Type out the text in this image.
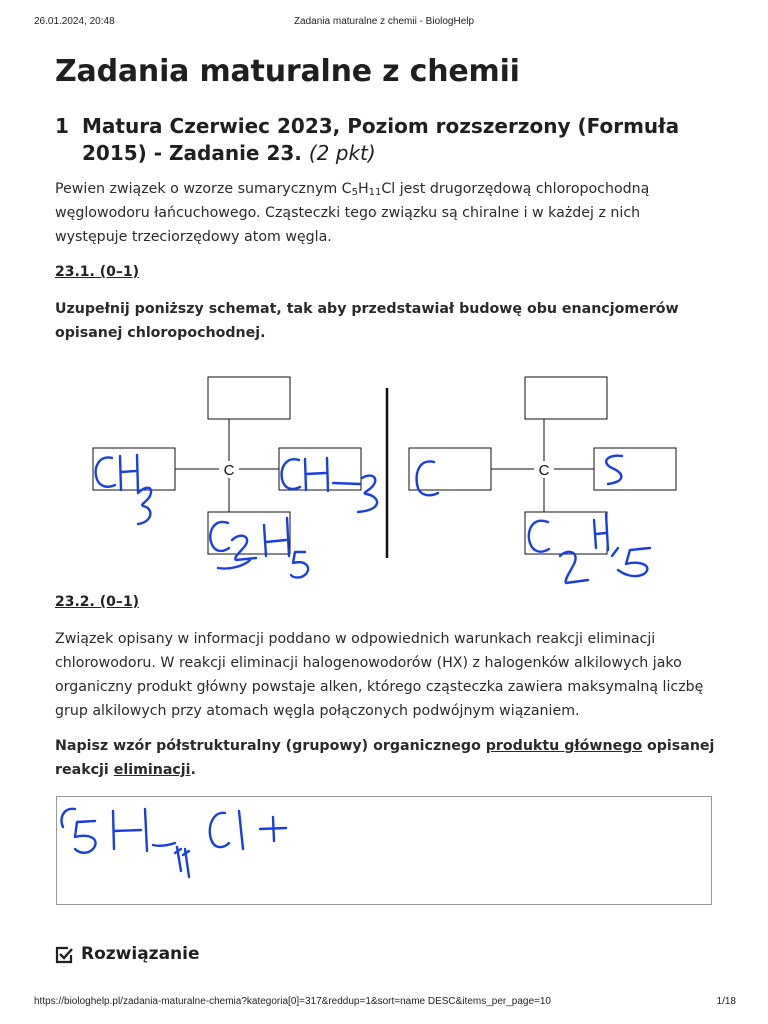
26.01.2024, 20:48	Zadania maturalne z chemii - BiologHelp
Zadania maturalne z chemii
1 Matura Czerwiec 2023, Poziom rozszerzony (Formuła 2015) - Zadanie 23. (2 pkt)

Pewien związek o wzorze sumarycznym $C_5H_{11}Cl$ jest drugorzędową chloropochodną węglowodoru łańcuchowego. Cząsteczki tego związku są chiralne i w każdej z nich występuje trzeciorzędowy atom węgla.

23.1. (0–1)

Uzupełnij poniższy schemat, tak aby przedstawiał budowę obu enancjomerów opisanej chloropochodnej.

C	C

23.2. (0–1)

Związek opisany w informacji poddano w odpowiednich warunkach reakcji eliminacji chlorowodoru. W reakcji eliminacji halogenowodorów (HX) z halogenków alkilowych jako organiczny produkt główny powstaje alken, którego cząsteczka zawiera maksymalną liczbę grup alkilowych przy atomach węgla połączonych podwójnym wiązaniem.

Napisz wzór półstrukturalny (grupowy) organicznego produktu głównego opisanej reakcji eliminacji.

Rozwiązanie
https://biologhelp.pl/zadania-maturalne-chemia?kategoria[0]=317&reddup=1&sort=name DESC&items_per_page=10	1/18
